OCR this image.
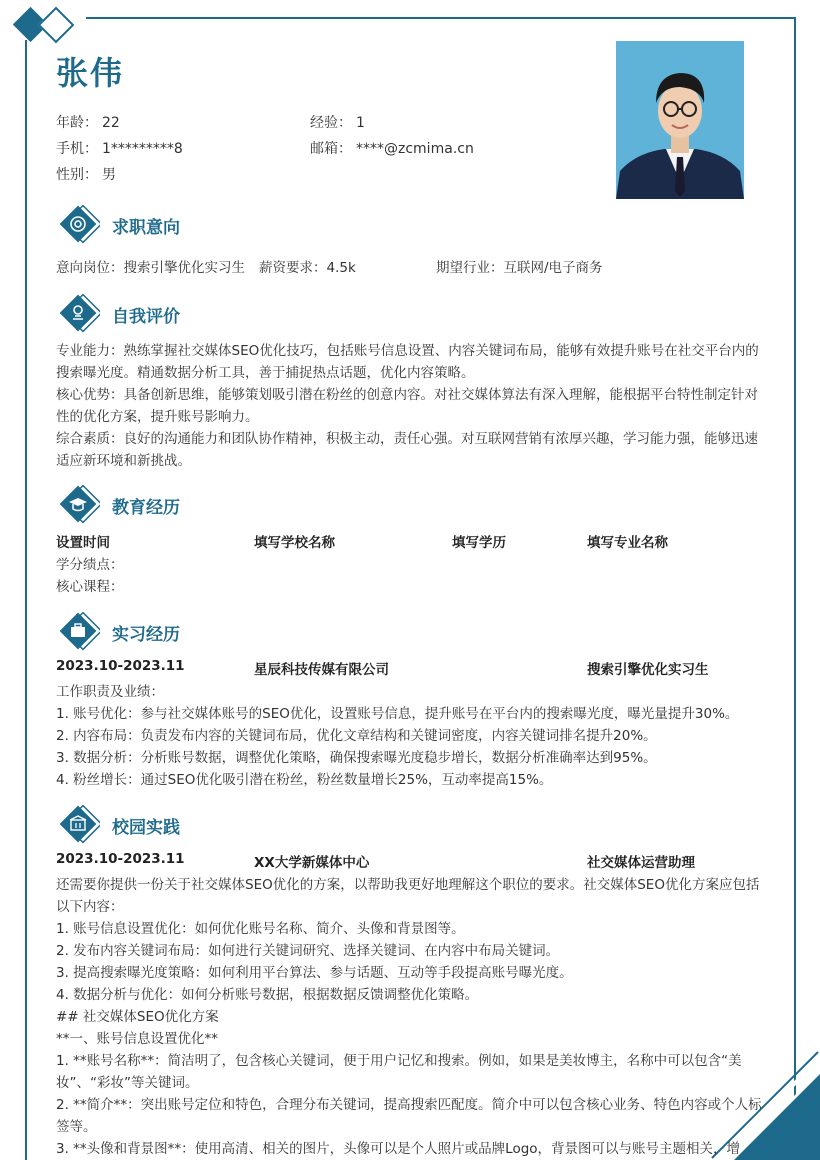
张伟
年龄： 22	经验： 1
手机： 1*********8	邮箱： ****@zcmima.cn
性别： 男
求职意向
意向岗位：搜索引擎优化实习生 薪资要求：4.5k	期望行业：互联网/电子商务
自我评价
专业能力：熟练掌握社交媒体SEO优化技巧，包括账号信息设置、内容关键词布局，能够有效提升账号在社交平台内的搜索曝光度。精通数据分析工具，善于捕捉热点话题，优化内容策略。
核心优势：具备创新思维，能够策划吸引潜在粉丝的创意内容。对社交媒体算法有深入理解，能根据平台特性制定针对性的优化方案，提升账号影响力。
综合素质：良好的沟通能力和团队协作精神，积极主动，责任心强。对互联网营销有浓厚兴趣，学习能力强，能够迅速适应新环境和新挑战。
教育经历
设置时间	填写学校名称	填写学历	填写专业名称
学分绩点：
核心课程：
实习经历
2023.10-2023.11	星辰科技传媒有限公司	搜索引擎优化实习生
工作职责及业绩：
1. 账号优化：参与社交媒体账号的SEO优化，设置账号信息，提升账号在平台内的搜索曝光度，曝光量提升30%。
2. 内容布局：负责发布内容的关键词布局，优化文章结构和关键词密度，内容关键词排名提升20%。
3. 数据分析：分析账号数据，调整优化策略，确保搜索曝光度稳步增长，数据分析准确率达到95%。
4. 粉丝增长：通过SEO优化吸引潜在粉丝，粉丝数量增长25%，互动率提高15%。
校园实践
2023.10-2023.11	XX大学新媒体中心	社交媒体运营助理
还需要你提供一份关于社交媒体SEO优化的方案，以帮助我更好地理解这个职位的要求。社交媒体SEO优化方案应包括以下内容：
1. 账号信息设置优化：如何优化账号名称、简介、头像和背景图等。
2. 发布内容关键词布局：如何进行关键词研究、选择关键词、在内容中布局关键词。
3. 提高搜索曝光度策略：如何利用平台算法、参与话题、互动等手段提高账号曝光度。
4. 数据分析与优化：如何分析账号数据，根据数据反馈调整优化策略。
## 社交媒体SEO优化方案
**一、账号信息设置优化**
1. **账号名称**：简洁明了，包含核心关键词，便于用户记忆和搜索。例如，如果是美妆博主，名称中可以包含“美妆”、“彩妆”等关键词。
2. **简介**：突出账号定位和特色，合理分布关键词，提高搜索匹配度。简介中可以包含核心业务、特色内容或个人标签等。
3. **头像和背景图**：使用高清、相关的图片，头像可以是个人照片或品牌Logo，背景图可以与账号主题相关，增
